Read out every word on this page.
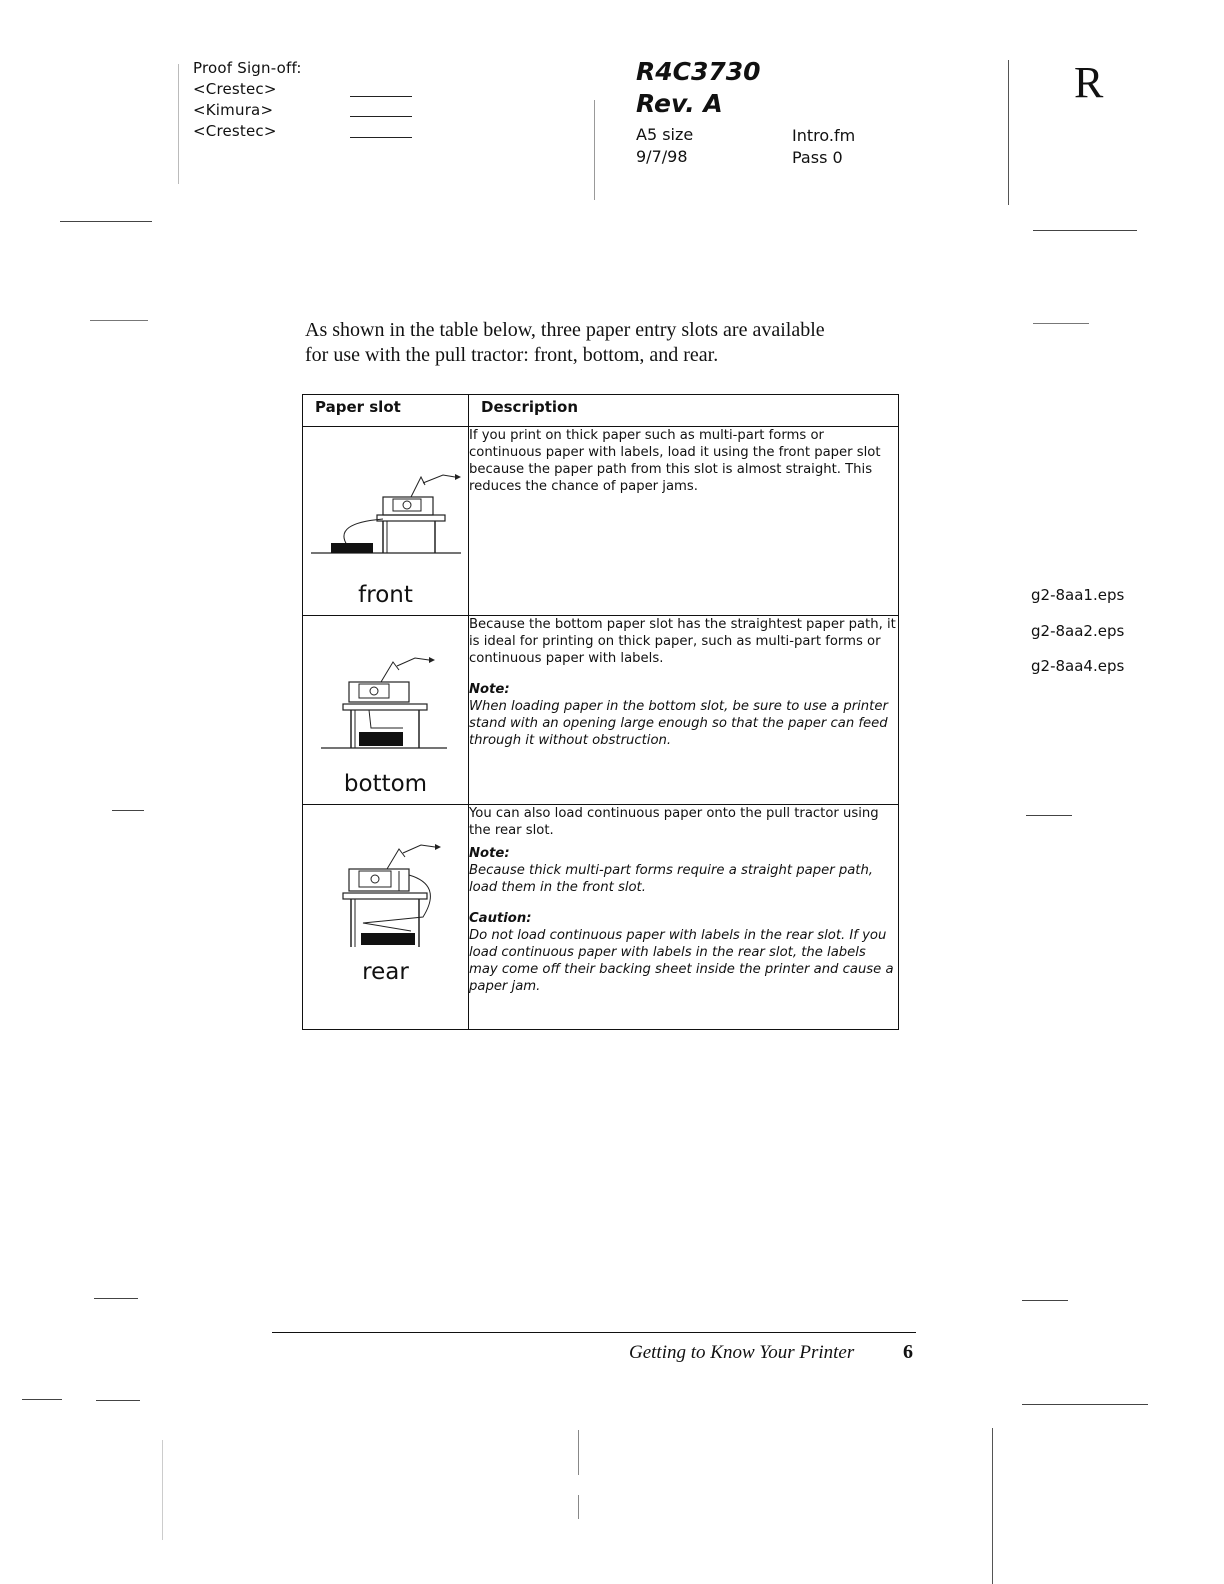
Proof Sign-off:
<Crestec>
<Kimura>
<Crestec>
R4C3730
Rev. A
A5 size
9/7/98
Intro.fm
Pass 0
R
As shown in the table below, three paper entry slots are available
for use with the pull tractor: front, bottom, and rear.
Paper slot	Description

front	If you print on thick paper such as multi-part forms or continuous paper with labels, load it using the front paper slot because the paper path from this slot is almost straight. This reduces the chance of paper jams.

bottom	Because the bottom paper slot has the straightest paper path, it is ideal for printing on thick paper, such as multi-part forms or continuous paper with labels.

Note:

When loading paper in the bottom slot, be sure to use a printer stand with an opening large enough so that the paper can feed through it without obstruction.

rear	You can also load continuous paper onto the pull tractor using the rear slot.

Note:

Because thick multi-part forms require a straight paper path, load them in the front slot.

Caution:

Do not load continuous paper with labels in the rear slot. If you load continuous paper with labels in the rear slot, the labels may come off their backing sheet inside the printer and cause a paper jam.

g2-8aa1.eps
g2-8aa2.eps
g2-8aa4.eps
Getting to Know Your Printer 6
